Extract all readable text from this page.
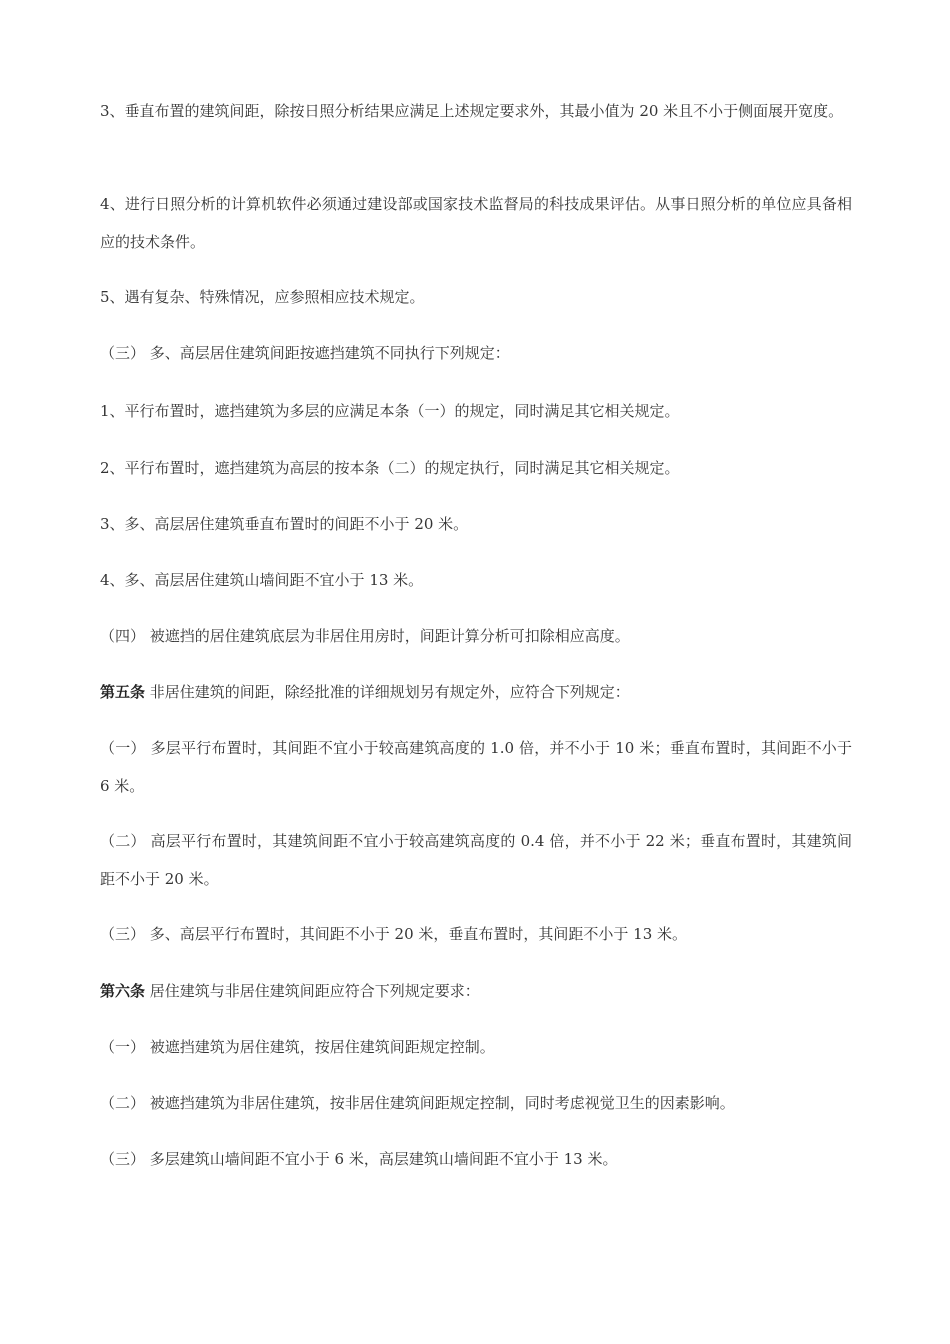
3、垂直布置的建筑间距，除按日照分析结果应满足上述规定要求外，其最小值为 20 米且不小于侧面展开宽度。

4、进行日照分析的计算机软件必须通过建设部或国家技术监督局的科技成果评估。从事日照分析的单位应具备相应的技术条件。

5、遇有复杂、特殊情况，应参照相应技术规定。

（三） 多、高层居住建筑间距按遮挡建筑不同执行下列规定：

1、平行布置时，遮挡建筑为多层的应满足本条（一）的规定，同时满足其它相关规定。

2、平行布置时，遮挡建筑为高层的按本条（二）的规定执行，同时满足其它相关规定。

3、多、高层居住建筑垂直布置时的间距不小于 20 米。

4、多、高层居住建筑山墙间距不宜小于 13 米。

（四） 被遮挡的居住建筑底层为非居住用房时，间距计算分析可扣除相应高度。

第五条 非居住建筑的间距，除经批准的详细规划另有规定外，应符合下列规定：

（一） 多层平行布置时，其间距不宜小于较高建筑高度的 1.0 倍，并不小于 10 米；垂直布置时，其间距不小于 6 米。

（二） 高层平行布置时，其建筑间距不宜小于较高建筑高度的 0.4 倍，并不小于 22 米；垂直布置时，其建筑间距不小于 20 米。

（三） 多、高层平行布置时，其间距不小于 20 米，垂直布置时，其间距不小于 13 米。

第六条 居住建筑与非居住建筑间距应符合下列规定要求：

（一） 被遮挡建筑为居住建筑，按居住建筑间距规定控制。

（二） 被遮挡建筑为非居住建筑，按非居住建筑间距规定控制，同时考虑视觉卫生的因素影响。

（三） 多层建筑山墙间距不宜小于 6 米，高层建筑山墙间距不宜小于 13 米。
